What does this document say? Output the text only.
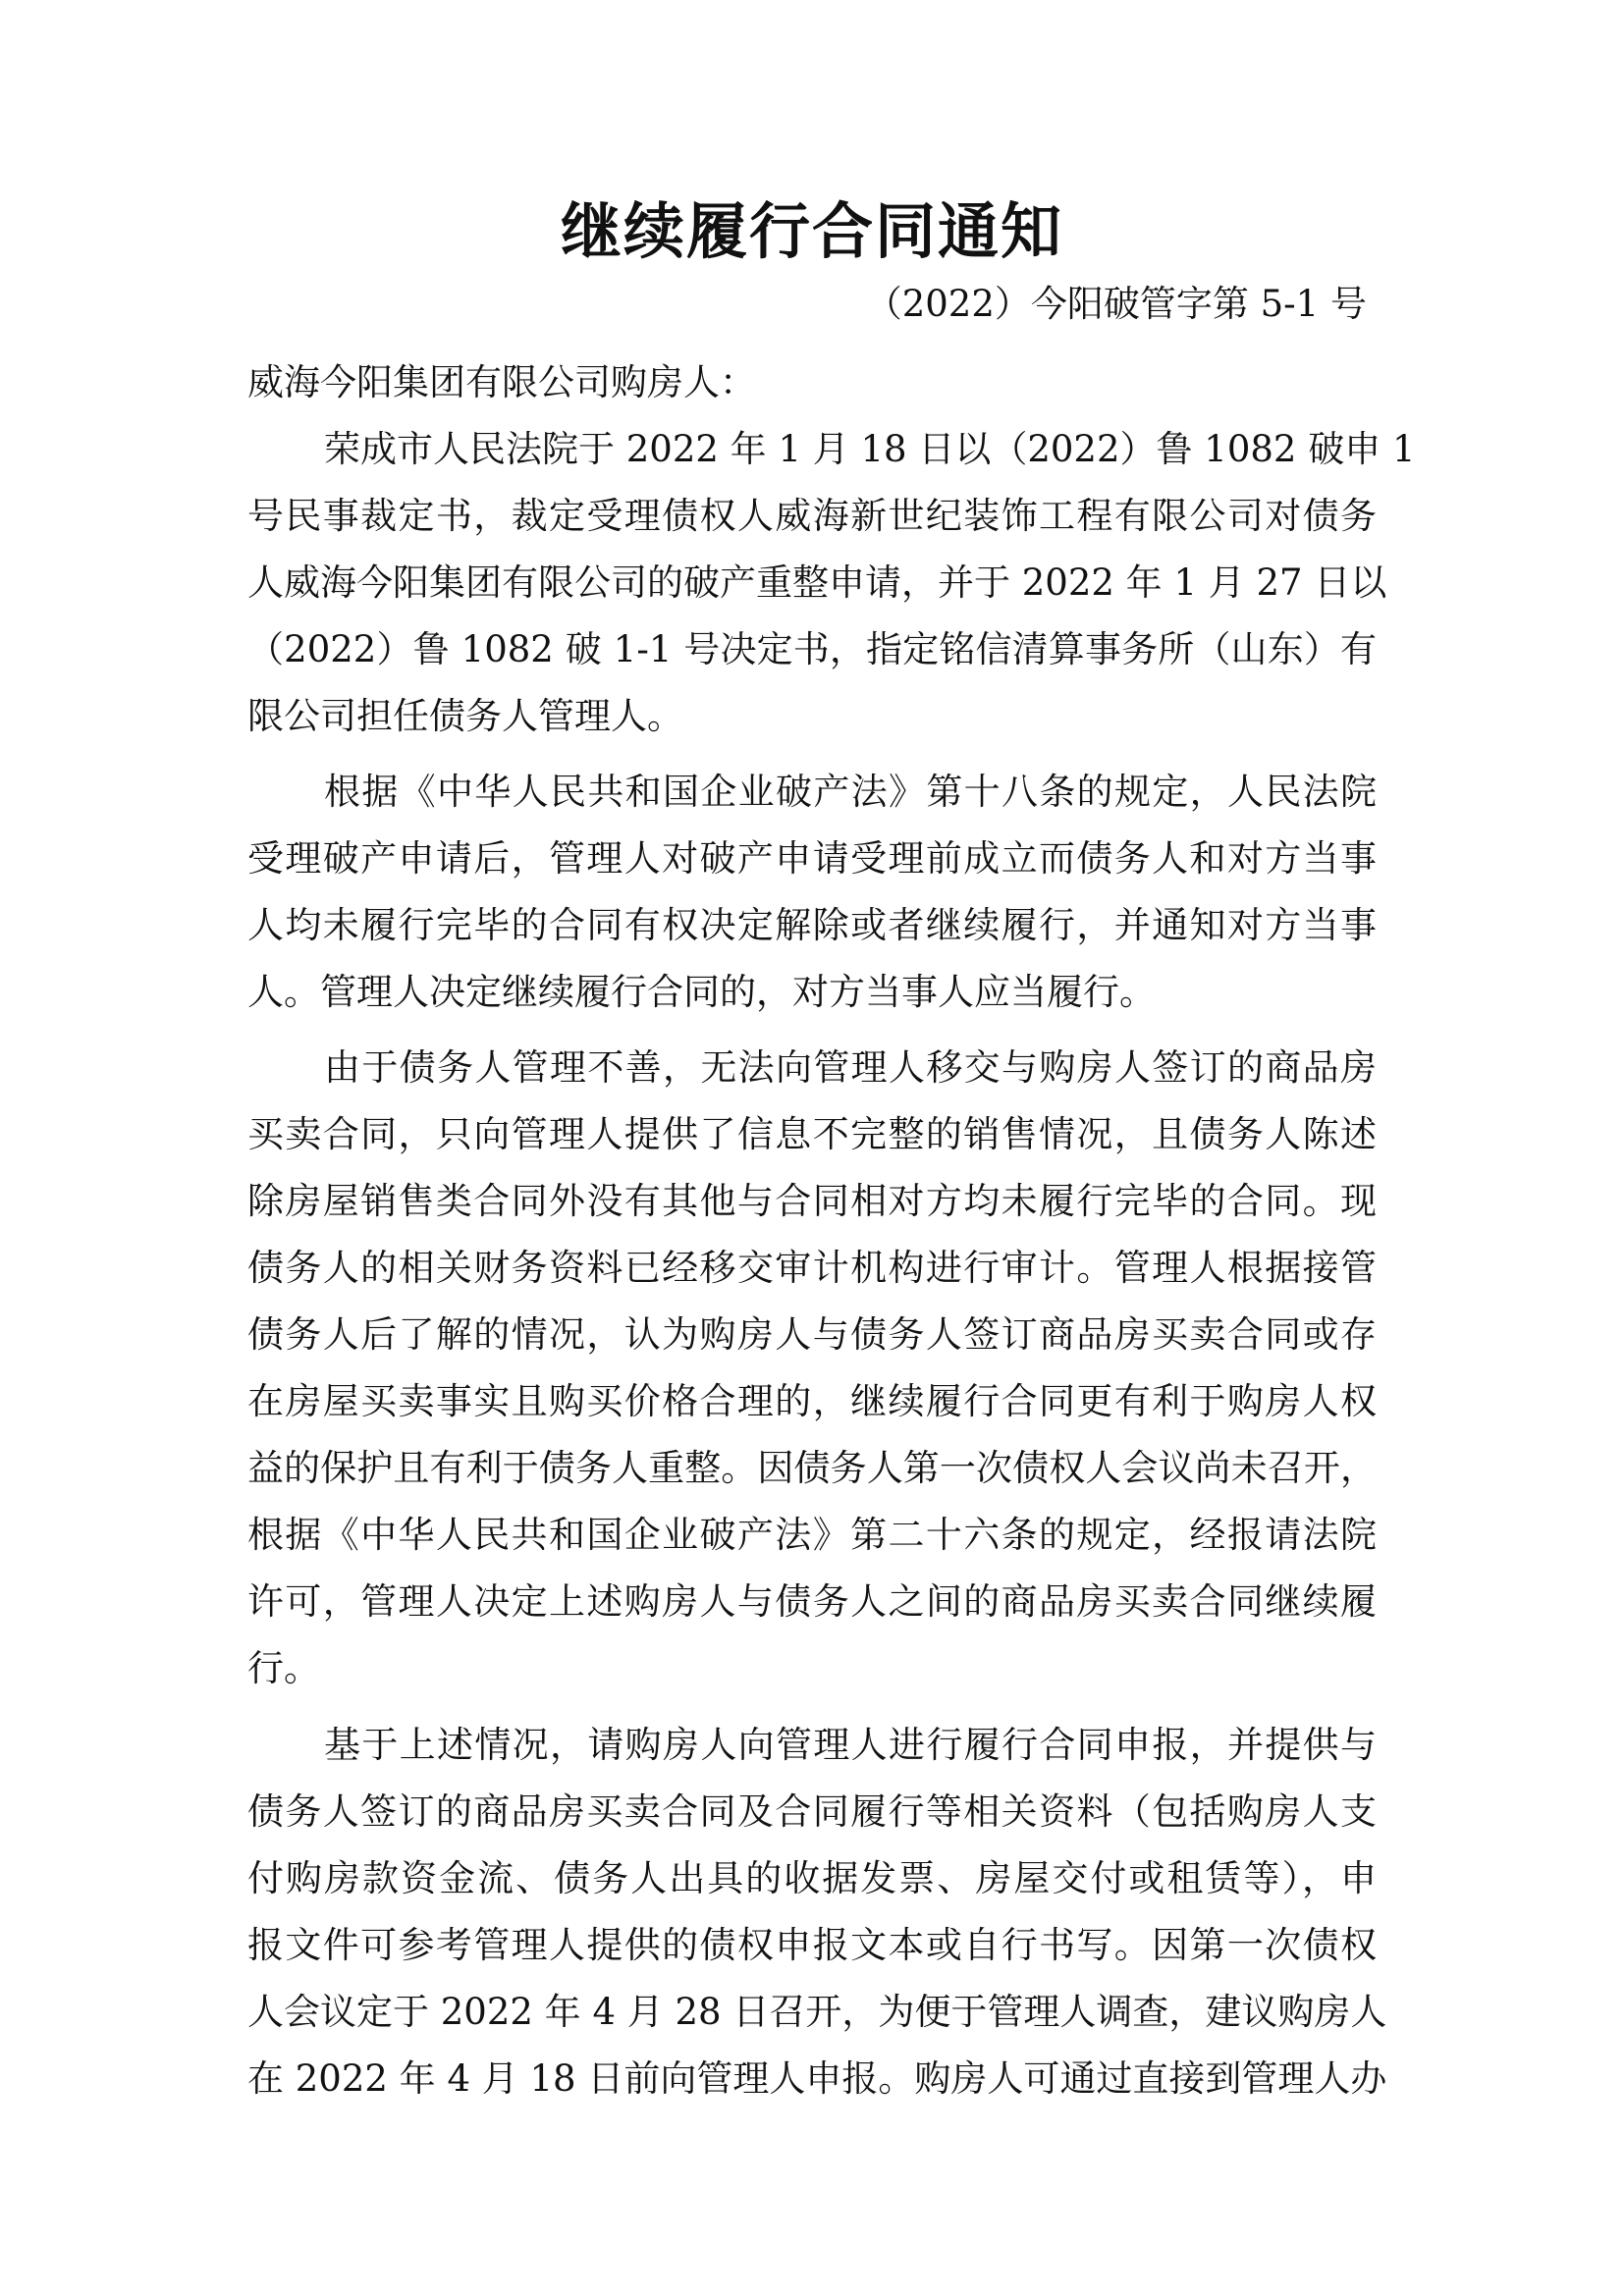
继续履行合同通知
（2022）今阳破管字第 5-1 号
威海今阳集团有限公司购房人：
荣成市人民法院于 2022 年 1 月 18 日以（2022）鲁 1082 破申 1
号民事裁定书，裁定受理债权人威海新世纪装饰工程有限公司对债务
人威海今阳集团有限公司的破产重整申请，并于 2022 年 1 月 27 日以
（2022）鲁 1082 破 1-1 号决定书，指定铭信清算事务所（山东）有
限公司担任债务人管理人。
根据《中华人民共和国企业破产法》第十八条的规定，人民法院
受理破产申请后，管理人对破产申请受理前成立而债务人和对方当事
人均未履行完毕的合同有权决定解除或者继续履行，并通知对方当事
人。管理人决定继续履行合同的，对方当事人应当履行。
由于债务人管理不善，无法向管理人移交与购房人签订的商品房
买卖合同，只向管理人提供了信息不完整的销售情况，且债务人陈述
除房屋销售类合同外没有其他与合同相对方均未履行完毕的合同。现
债务人的相关财务资料已经移交审计机构进行审计。管理人根据接管
债务人后了解的情况，认为购房人与债务人签订商品房买卖合同或存
在房屋买卖事实且购买价格合理的，继续履行合同更有利于购房人权
益的保护且有利于债务人重整。因债务人第一次债权人会议尚未召开，
根据《中华人民共和国企业破产法》第二十六条的规定，经报请法院
许可，管理人决定上述购房人与债务人之间的商品房买卖合同继续履
行。
基于上述情况，请购房人向管理人进行履行合同申报，并提供与
债务人签订的商品房买卖合同及合同履行等相关资料（包括购房人支
付购房款资金流、债务人出具的收据发票、房屋交付或租赁等），申
报文件可参考管理人提供的债权申报文本或自行书写。因第一次债权
人会议定于 2022 年 4 月 28 日召开，为便于管理人调查，建议购房人
在 2022 年 4 月 18 日前向管理人申报。购房人可通过直接到管理人办
